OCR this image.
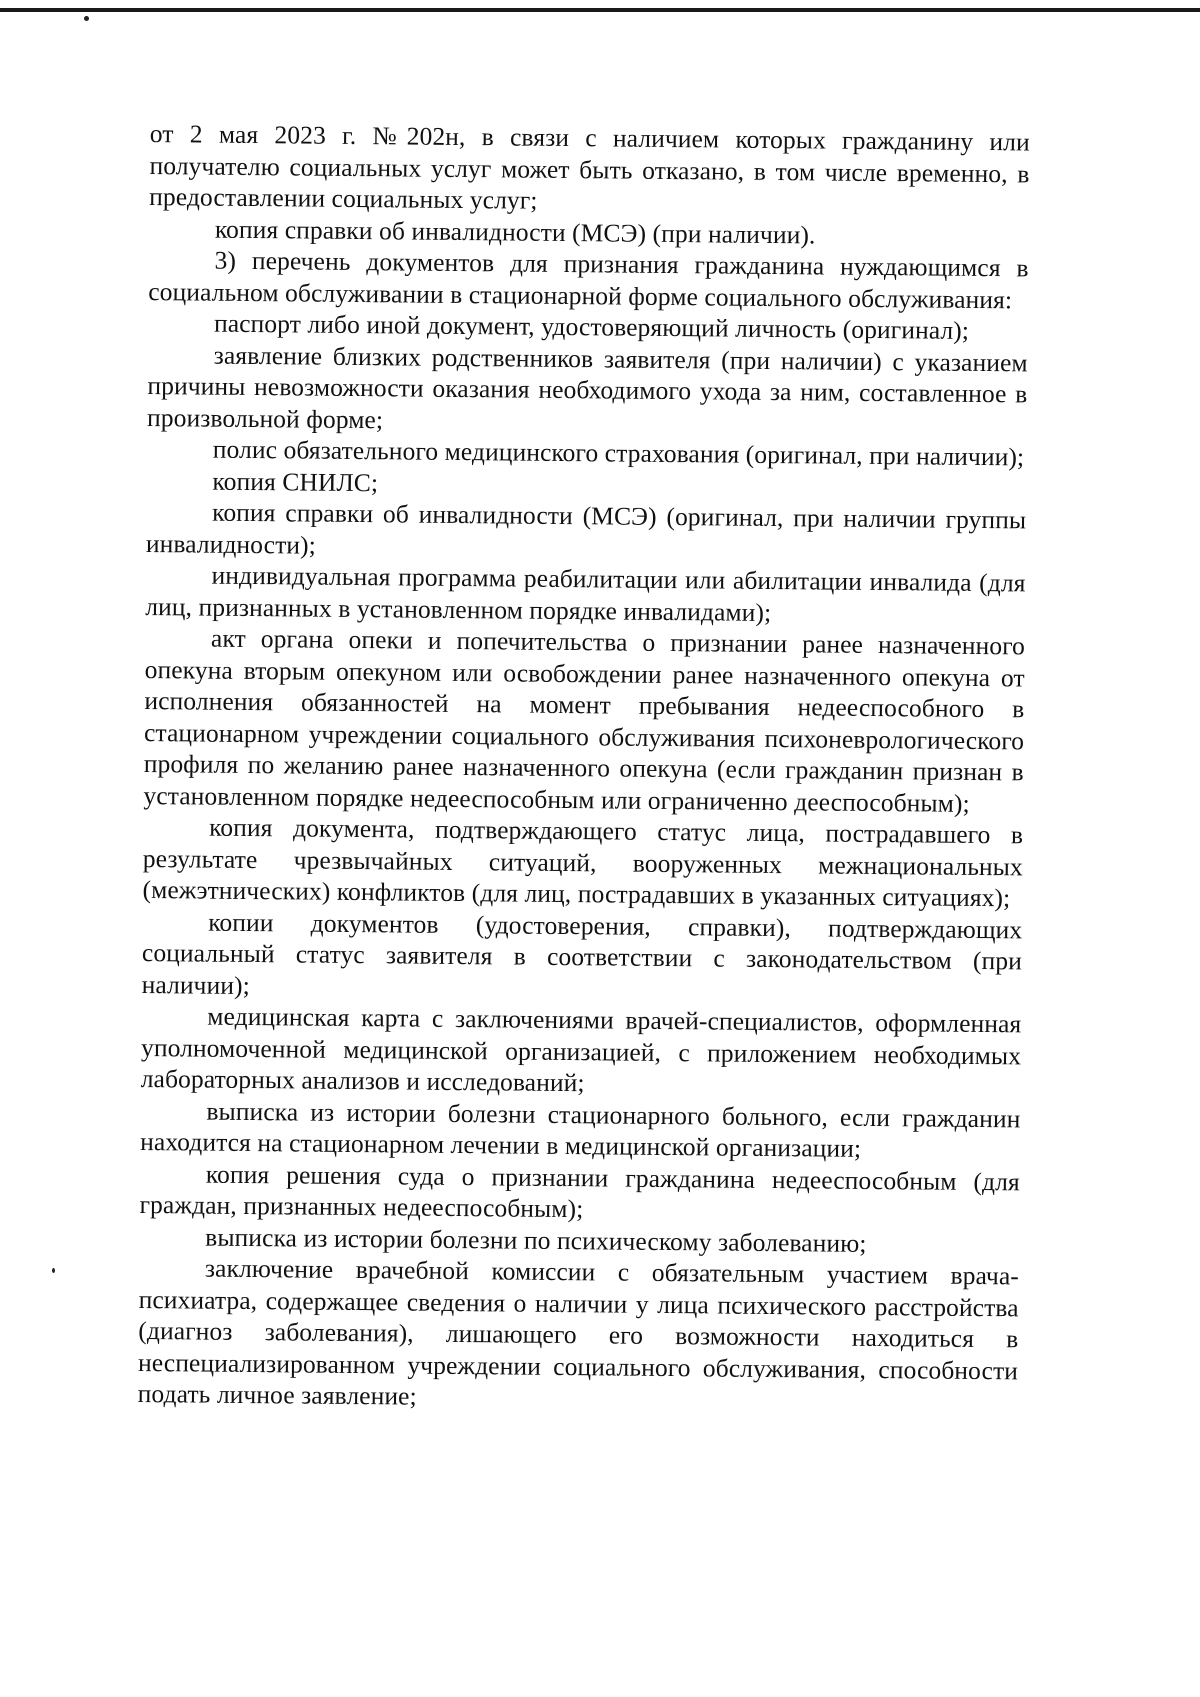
от 2 мая 2023 г. №202н, в связи с наличием которых гражданину или получателю социальных услуг может быть отказано, в том числе временно, в предоставлении социальных услуг;

копия справки об инвалидности (МСЭ) (при наличии).

3) перечень документов для признания гражданина нуждающимся в социальном обслуживании в стационарной форме социального обслуживания:

паспорт либо иной документ, удостоверяющий личность (оригинал);

заявление близких родственников заявителя (при наличии) с указанием причины невозможности оказания необходимого ухода за ним, составленное в произвольной форме;

полис обязательного медицинского страхования (оригинал, при наличии);

копия СНИЛС;

копия справки об инвалидности (МСЭ) (оригинал, при наличии группы инвалидности);

индивидуальная программа реабилитации или абилитации инвалида (для лиц, признанных в установленном порядке инвалидами);

акт органа опеки и попечительства о признании ранее назначенного опекуна вторым опекуном или освобождении ранее назначенного опекуна от исполнения обязанностей на момент пребывания недееспособного в стационарном учреждении социального обслуживания психоневрологического профиля по желанию ранее назначенного опекуна (если гражданин признан в установленном порядке недееспособным или ограниченно дееспособным);

копия документа, подтверждающего статус лица, пострадавшего в результате чрезвычайных ситуаций, вооруженных межнациональных (межэтнических) конфликтов (для лиц, пострадавших в указанных ситуациях);

копии документов (удостоверения, справки), подтверждающих социальный статус заявителя в соответствии с законодательством (при наличии);

медицинская карта с заключениями врачей-специалистов, оформленная уполномоченной медицинской организацией, с приложением необходимых лабораторных анализов и исследований;

выписка из истории болезни стационарного больного, если гражданин находится на стационарном лечении в медицинской организации;

копия решения суда о признании гражданина недееспособным (для граждан, признанных недееспособным);

выписка из истории болезни по психическому заболеванию;

заключение врачебной комиссии с обязательным участием врача-психиатра, содержащее сведения о наличии у лица психического расстройства (диагноз заболевания), лишающего его возможности находиться в неспециализированном учреждении социального обслуживания, способности подать личное заявление;
